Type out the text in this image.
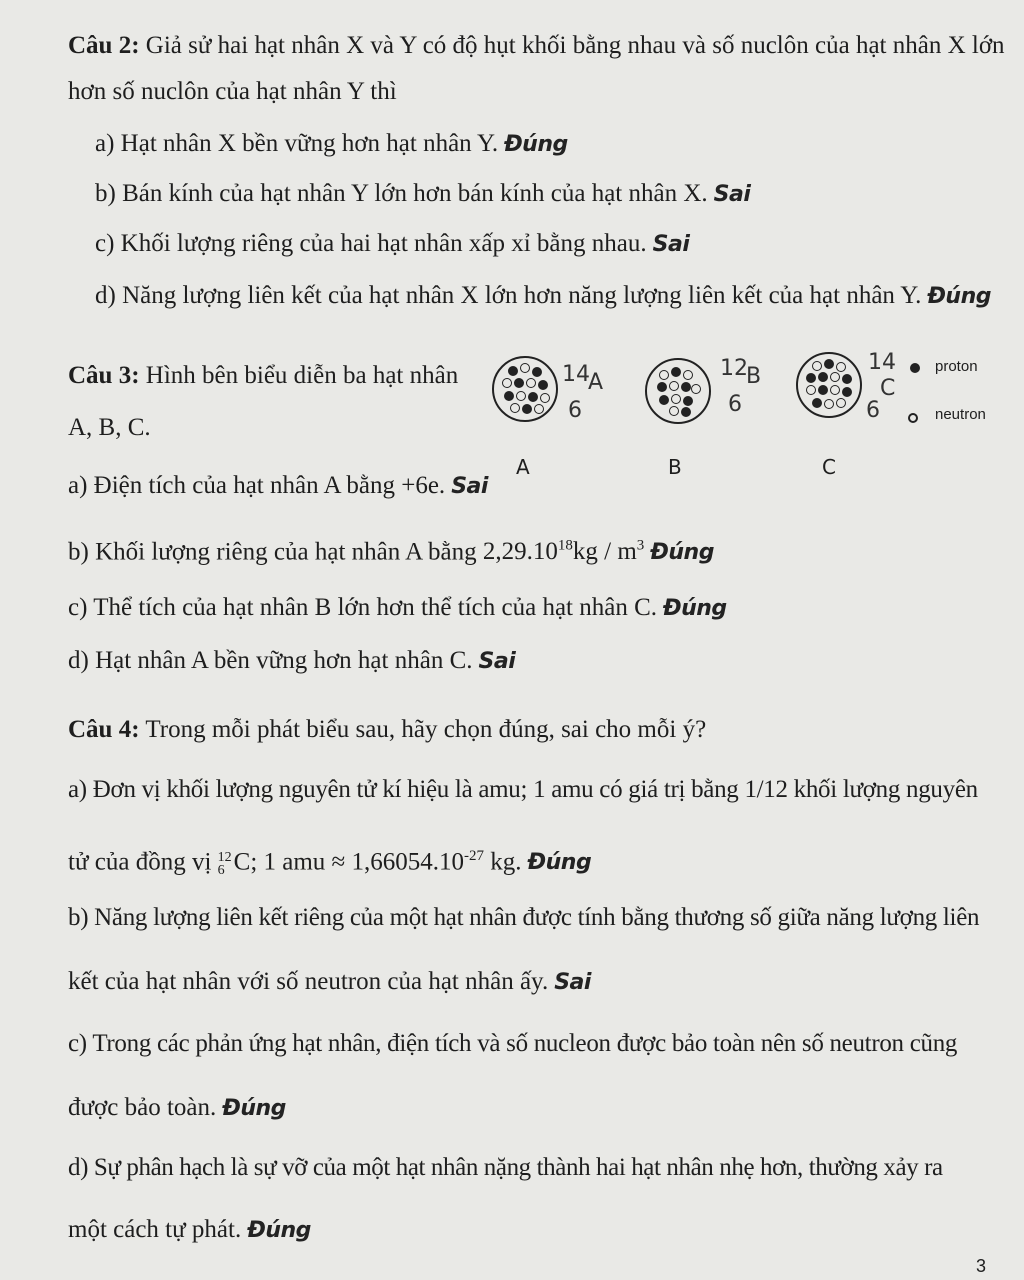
Câu 2: Giả sử hai hạt nhân X và Y có độ hụt khối bằng nhau và số nuclôn của hạt nhân X lớn
hơn số nuclôn của hạt nhân Y thì
a) Hạt nhân X bền vững hơn hạt nhân Y. Đúng
b) Bán kính của hạt nhân Y lớn hơn bán kính của hạt nhân X. Sai
c) Khối lượng riêng của hai hạt nhân xấp xỉ bằng nhau. Sai
d) Năng lượng liên kết của hạt nhân X lớn hơn năng lượng liên kết của hạt nhân Y. Đúng
Câu 3: Hình bên biểu diễn ba hạt nhân
A, B, C.
14
A
6
A
12
B
6
B
14
C
6
C
proton
neutron
a) Điện tích của hạt nhân A bằng +6e. Sai
b) Khối lượng riêng của hạt nhân A bằng $2,29.10^{18}kg / m^3$ Đúng
c) Thể tích của hạt nhân B lớn hơn thể tích của hạt nhân C. Đúng
d) Hạt nhân A bền vững hơn hạt nhân C. Sai
Câu 4: Trong mỗi phát biểu sau, hãy chọn đúng, sai cho mỗi ý?
a) Đơn vị khối lượng nguyên tử kí hiệu là amu; 1 amu có giá trị bằng 1/12 khối lượng nguyên
tử của đồng vị 12
6 C; 1 amu ≈ $1,66054.10^{-27}$ kg. Đúng
b) Năng lượng liên kết riêng của một hạt nhân được tính bằng thương số giữa năng lượng liên
kết của hạt nhân với số neutron của hạt nhân ấy. Sai
c) Trong các phản ứng hạt nhân, điện tích và số nucleon được bảo toàn nên số neutron cũng
được bảo toàn. Đúng
d) Sự phân hạch là sự vỡ của một hạt nhân nặng thành hai hạt nhân nhẹ hơn, thường xảy ra
một cách tự phát. Đúng
3
